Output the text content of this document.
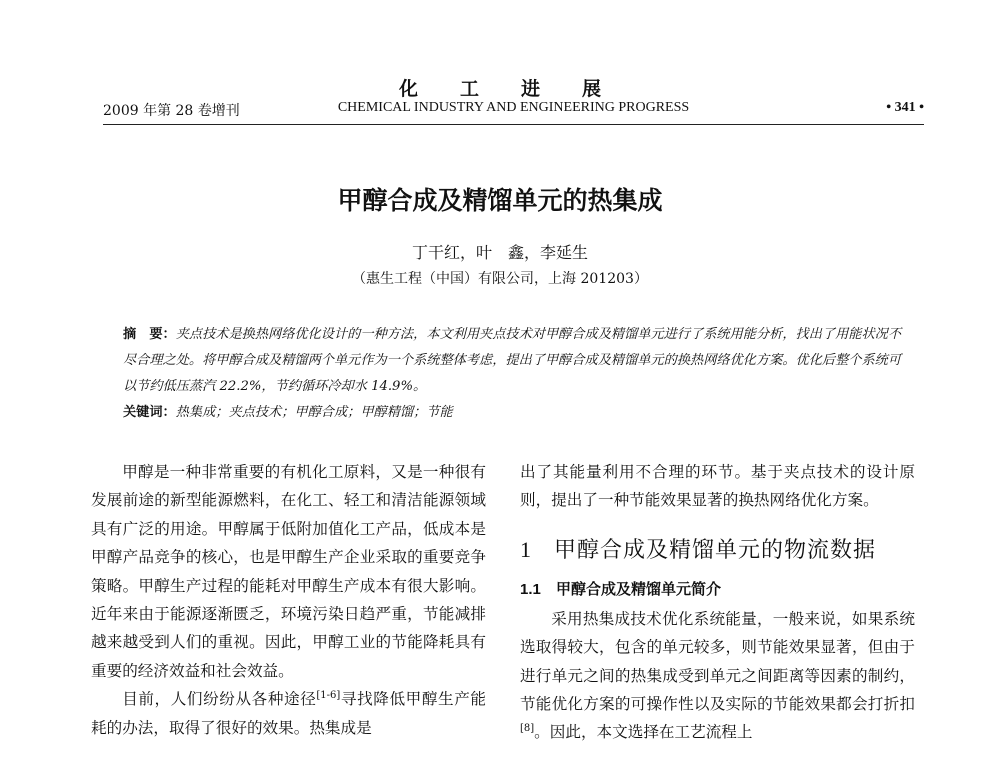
化工进展
CHEMICAL INDUSTRY AND ENGINEERING PROGRESS
2009 年第 28 卷增刊	• 341 •
甲醇合成及精馏单元的热集成
丁干红，叶　鑫，李延生
（惠生工程（中国）有限公司，上海 201203）
摘　要：夹点技术是换热网络优化设计的一种方法，本文利用夹点技术对甲醇合成及精馏单元进行了系统用能分析，找出了用能状况不尽合理之处。将甲醇合成及精馏两个单元作为一个系统整体考虑，提出了甲醇合成及精馏单元的换热网络优化方案。优化后整个系统可以节约低压蒸汽 22.2%，节约循环冷却水 14.9%。
关键词：热集成；夹点技术；甲醇合成；甲醇精馏；节能

甲醇是一种非常重要的有机化工原料，又是一种很有发展前途的新型能源燃料，在化工、轻工和清洁能源领域具有广泛的用途。甲醇属于低附加值化工产品，低成本是甲醇产品竞争的核心，也是甲醇生产企业采取的重要竞争策略。甲醇生产过程的能耗对甲醇生产成本有很大影响。近年来由于能源逐渐匮乏，环境污染日趋严重，节能减排越来越受到人们的重视。因此，甲醇工业的节能降耗具有重要的经济效益和社会效益。

目前，人们纷纷从各种途径[1-6]寻找降低甲醇生产能耗的办法，取得了很好的效果。热集成是

出了其能量利用不合理的环节。基于夹点技术的设计原则，提出了一种节能效果显著的换热网络优化方案。

1 甲醇合成及精馏单元的物流数据
1.1 甲醇合成及精馏单元简介

采用热集成技术优化系统能量，一般来说，如果系统选取得较大，包含的单元较多，则节能效果显著，但由于进行单元之间的热集成受到单元之间距离等因素的制约，节能优化方案的可操作性以及实际的节能效果都会打折扣[8]。因此，本文选择在工艺流程上
